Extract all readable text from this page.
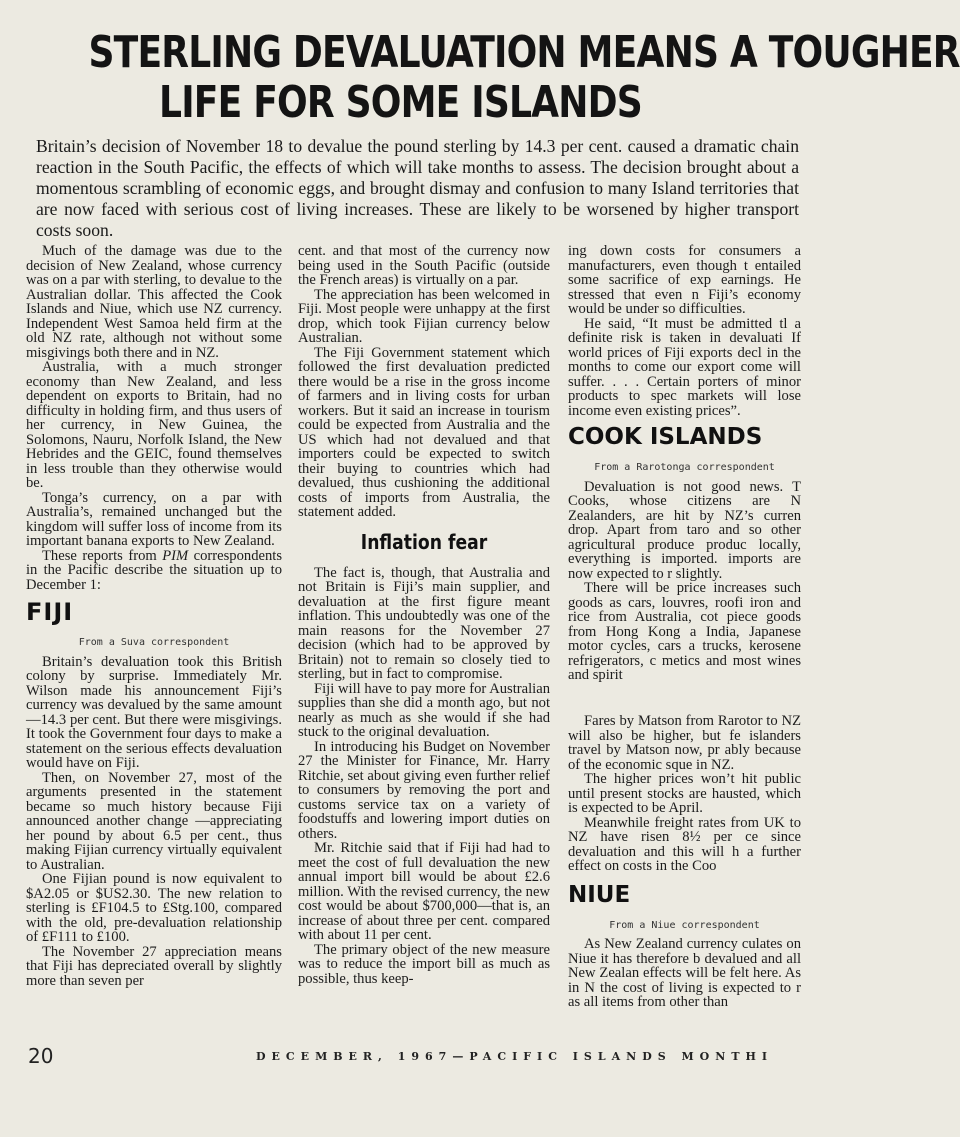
STERLING DEVALUATION MEANS A TOUGHER
LIFE FOR SOME ISLANDS
Britain’s decision of November 18 to devalue the pound sterling by 14.3 per cent. caused a dramatic chain reaction in the South Pacific, the effects of which will take months to assess. The decision brought about a momentous scrambling of economic eggs, and brought dismay and confusion to many Island territories that are now faced with serious cost of living increases. These are likely to be worsened by higher transport costs soon.

Much of the damage was due to the decision of New Zealand, whose currency was on a par with sterling, to devalue to the Australian dollar. This affected the Cook Islands and Niue, which use NZ currency. Independent West Samoa held firm at the old NZ rate, although not without some misgivings both there and in NZ.

Australia, with a much stronger economy than New Zealand, and less dependent on exports to Britain, had no difficulty in holding firm, and thus users of her currency, in New Guinea, the Solomons, Nauru, Norfolk Island, the New Hebrides and the GEIC, found themselves in less trouble than they otherwise would be.

Tonga’s currency, on a par with Australia’s, remained unchanged but the kingdom will suffer loss of income from its important banana exports to New Zealand.

These reports from PIM correspondents in the Pacific describe the situation up to December 1:

FIJI

From a Suva correspondent

Britain’s devaluation took this British colony by surprise. Immediately Mr. Wilson made his announcement Fiji’s currency was devalued by the same amount—14.3 per cent. But there were misgivings. It took the Government four days to make a statement on the serious effects devaluation would have on Fiji.

Then, on November 27, most of the arguments presented in the statement became so much history because Fiji announced another change —appreciating her pound by about 6.5 per cent., thus making Fijian currency virtually equivalent to Australian.

One Fijian pound is now equivalent to $A2.05 or $US2.30. The new relation to sterling is £F104.5 to £Stg.100, compared with the old, pre-devaluation relationship of £F111 to £100.

The November 27 appreciation means that Fiji has depreciated overall by slightly more than seven per

cent. and that most of the currency now being used in the South Pacific (outside the French areas) is virtually on a par.

The appreciation has been welcomed in Fiji. Most people were unhappy at the first drop, which took Fijian currency below Australian.

The Fiji Government statement which followed the first devaluation predicted there would be a rise in the gross income of farmers and in living costs for urban workers. But it said an increase in tourism could be expected from Australia and the US which had not devalued and that importers could be expected to switch their buying to countries which had devalued, thus cushioning the additional costs of imports from Australia, the statement added.

Inflation fear

The fact is, though, that Australia and not Britain is Fiji’s main supplier, and devaluation at the first figure meant inflation. This undoubtedly was one of the main reasons for the November 27 decision (which had to be approved by Britain) not to remain so closely tied to sterling, but in fact to compromise.

Fiji will have to pay more for Australian supplies than she did a month ago, but not nearly as much as she would if she had stuck to the original devaluation.

In introducing his Budget on November 27 the Minister for Finance, Mr. Harry Ritchie, set about giving even further relief to consumers by removing the port and customs service tax on a variety of foodstuffs and lowering import duties on others.

Mr. Ritchie said that if Fiji had had to meet the cost of full devaluation the new annual import bill would be about £2.6 million. With the revised currency, the new cost would be about $700,000—that is, an increase of about three per cent. compared with about 11 per cent.

The primary object of the new measure was to reduce the import bill as much as possible, thus keep-

ing down costs for consumers a manufacturers, even though t entailed some sacrifice of exp earnings. He stressed that even n Fiji’s economy would be under so difficulties.

He said, “It must be admitted tl a definite risk is taken in devaluati If world prices of Fiji exports decl in the months to come our export come will suffer. . . . Certain porters of minor products to spec markets will lose income even existing prices”.

COOK ISLANDS

From a Rarotonga correspondent

Devaluation is not good news. T Cooks, whose citizens are N Zealanders, are hit by NZ’s curren drop. Apart from taro and so other agricultural produce produc locally, everything is imported. imports are now expected to r slightly.

There will be price increases such goods as cars, louvres, roofi iron and rice from Australia, cot piece goods from Hong Kong a India, Japanese motor cycles, cars a trucks, kerosene refrigerators, c metics and most wines and spirit

Fares by Matson from Rarotor to NZ will also be higher, but fe islanders travel by Matson now, pr ably because of the economic sque in NZ.

The higher prices won’t hit public until present stocks are hausted, which is expected to be April.

Meanwhile freight rates from UK to NZ have risen 8½ per ce since devaluation and this will h a further effect on costs in the Coo

NIUE

From a Niue correspondent

As New Zealand currency culates on Niue it has therefore b devalued and all New Zealan effects will be felt here. As in N the cost of living is expected to r as all items from other than

20	DECEMBER, 1967—PACIFIC ISLANDS MONTHI
